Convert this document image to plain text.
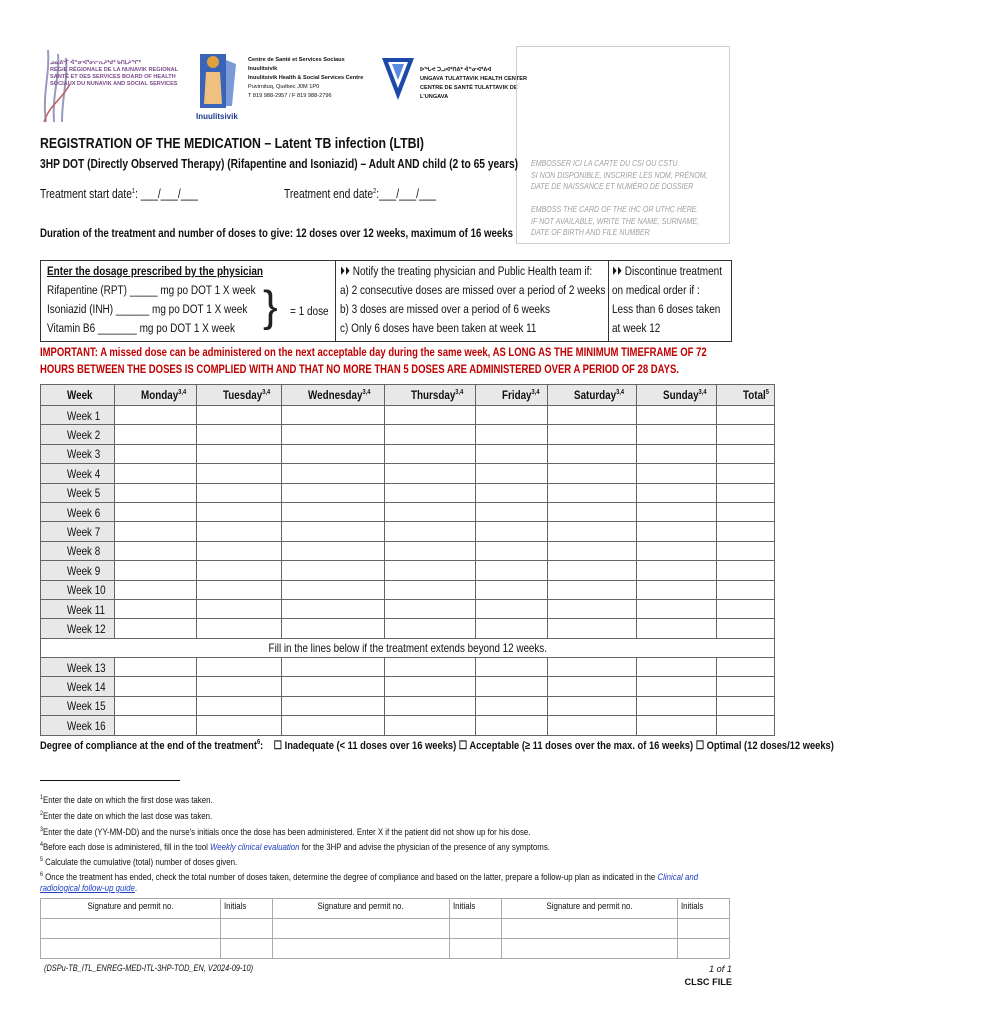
ᓄᓇᕕᒻᒥ ᐋᓐᓂᐊᕐᓂᓕᕆᔨᒃᑯᑦ ᑲᑎᒪᔨᖏᑦ
RÉGIE RÉGIONALE DE LA NUNAVIK REGIONAL
SANTÉ ET DES SERVICES BOARD OF HEALTH
SOCIAUX DU NUNAVIK AND SOCIAL SERVICES
Inuulitsivik
Centre de Santé et Services Sociaux Inuulitsivik
Inuulitsivik Health & Social Services Centre
Puvirnituq, Québec J0M 1P0
T 819 988-2957 / F 819 988-2796
ᐅᖓᕙ ᑐᓗᐊᑦᑎᕕᒃ ᐋᓐᓂᐊᕐᕕᐊ
UNGAVA TULATTAVIK HEALTH CENTER
CENTRE DE SANTÉ TULATTAVIK DE L'UNGAVA
EMBOSSER ICI LA CARTE DU CSI OU CSTU.
SI NON DISPONIBLE, INSCRIRE LES NOM, PRÉNOM,
DATE DE NAISSANCE ET NUMÉRO DE DOSSIER
EMBOSS THE CARD OF THE IHC OR UTHC HERE.
IF NOT AVAILABLE, WRITE THE NAME, SURNAME,
DATE OF BIRTH AND FILE NUMBER
REGISTRATION OF THE MEDICATION – Latent TB infection (LTBI)
3HP DOT (Directly Observed Therapy) (Rifapentine and Isoniazid) – Adult AND child (2 to 65 years)
Treatment start date$^1$: ___/___/___	Treatment end date$^2$:___/___/___
Duration of the treatment and number of doses to give: 12 doses over 12 weeks, maximum of 16 weeks
Enter the dosage prescribed by the physician
Rifapentine (RPT) _____ mg po DOT 1 X week
Isoniazid (INH) ______ mg po DOT 1 X week
Vitamin B6 _______ mg po DOT 1 X week } = 1 dose
⏵⏵ Notify the treating physician and Public Health team if:
a) 2 consecutive doses are missed over a period of 2 weeks
b) 3 doses are missed over a period of 6 weeks
c) Only 6 doses have been taken at week 11
⏵⏵ Discontinue treatment
on medical order if :
Less than 6 doses taken
at week 12
IMPORTANT: A missed dose can be administered on the next acceptable day during the same week, AS LONG AS THE MINIMUM TIMEFRAME OF 72
HOURS BETWEEN THE DOSES IS COMPLIED WITH AND THAT NO MORE THAN 5 DOSES ARE ADMINISTERED OVER A PERIOD OF 28 DAYS.
Week	Monday$^{3,4}$	Tuesday$^{3,4}$	Wednesday$^{3,4}$	Thursday$^{3,4}$	Friday$^{3,4}$	Saturday$^{3,4}$	Sunday$^{3,4}$	Total$^5$
Week 1								
Week 2								
Week 3								
Week 4								
Week 5								
Week 6								
Week 7								
Week 8								
Week 9								
Week 10								
Week 11								
Week 12								
Fill in the lines below if the treatment extends beyond 12 weeks.								
Week 13								
Week 14								
Week 15								
Week 16								
Degree of compliance at the end of the treatment$^6$:    ☐ Inadequate (< 11 doses over 16 weeks) ☐ Acceptable (≥ 11 doses over the max. of 16 weeks) ☐ Optimal (12 doses/12 weeks)
$^1$Enter the date on which the first dose was taken.
$^2$Enter the date on which the last dose was taken.
$^3$Enter the date (YY-MM-DD) and the nurse's initials once the dose has been administered. Enter X if the patient did not show up for his dose.
$^4$Before each dose is administered, fill in the tool Weekly clinical evaluation for the 3HP and advise the physician of the presence of any symptoms.
$^5$ Calculate the cumulative (total) number of doses given.
$^6$ Once the treatment has ended, check the total number of doses taken, determine the degree of compliance and based on the latter, prepare a follow-up plan as indicated in the Clinical and
radiological follow-up guide.
Signature and permit no.	Initials	Signature and permit no.	Initials	Signature and permit no.	Initials

(DSPu-TB_ITL_ENREG-MED-ITL-3HP-TOD_EN, V2024-09-10)	1 of 1
CLSC FILE
